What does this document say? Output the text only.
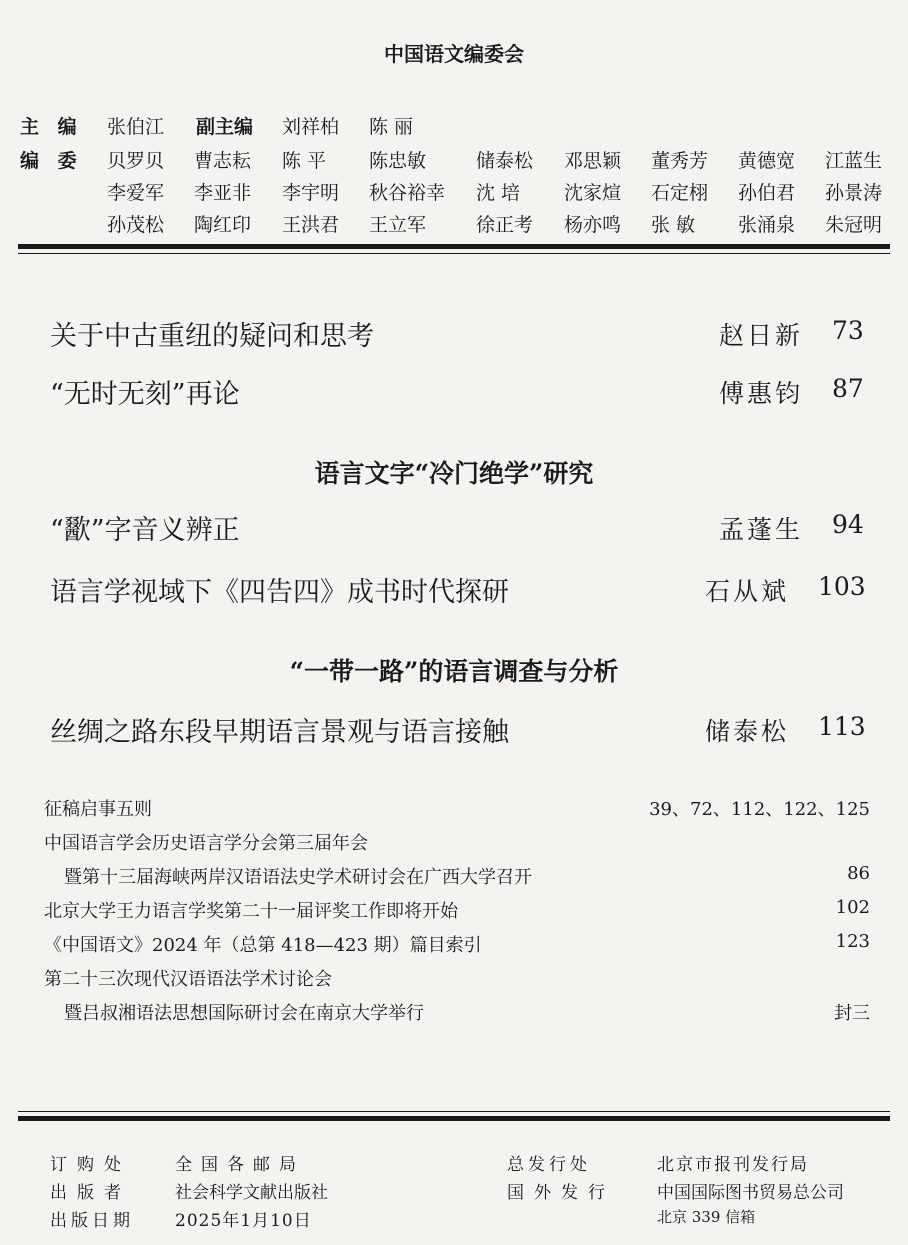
中国语文编委会
主 编 张伯江 副主编 刘祥柏 陈 丽
编 委 贝罗贝 曹志耘 陈 平 陈忠敏	储泰松 邓思颖 董秀芳 黄德宽 江蓝生
李爱军 李亚非 李宇明 秋谷裕幸 沈 培 沈家煊 石定栩 孙伯君 孙景涛
孙茂松 陶红印 王洪君 王立军	徐正考 杨亦鸣 张 敏 张涌泉 朱冠明
关于中古重纽的疑问和思考	赵日新 73
“无时无刻”再论	傅惠钧 87
语言文字“冷门绝学”研究
“歠”字音义辨正	孟蓬生 94
语言学视域下《四告四》成书时代探研	石从斌 103
“一带一路”的语言调查与分析
丝绸之路东段早期语言景观与语言接触	储泰松 113
征稿启事五则	39、72、112、122、125
中国语言学会历史语言学分会第三届年会
暨第十三届海峡两岸汉语语法史学术研讨会在广西大学召开	86
北京大学王力语言学奖第二十一届评奖工作即将开始	102
《中国语文》2024 年（总第 418—423 期）篇目索引	123
第二十三次现代汉语语法学术讨论会
暨吕叔湘语法思想国际研讨会在南京大学举行	封三
订购处	全国各邮局
出版者	社会科学文献出版社
出版日期 2025年1月10日
总发行处	北京市报刊发行局
国外发行 中国国际图书贸易总公司
北京 339 信箱
